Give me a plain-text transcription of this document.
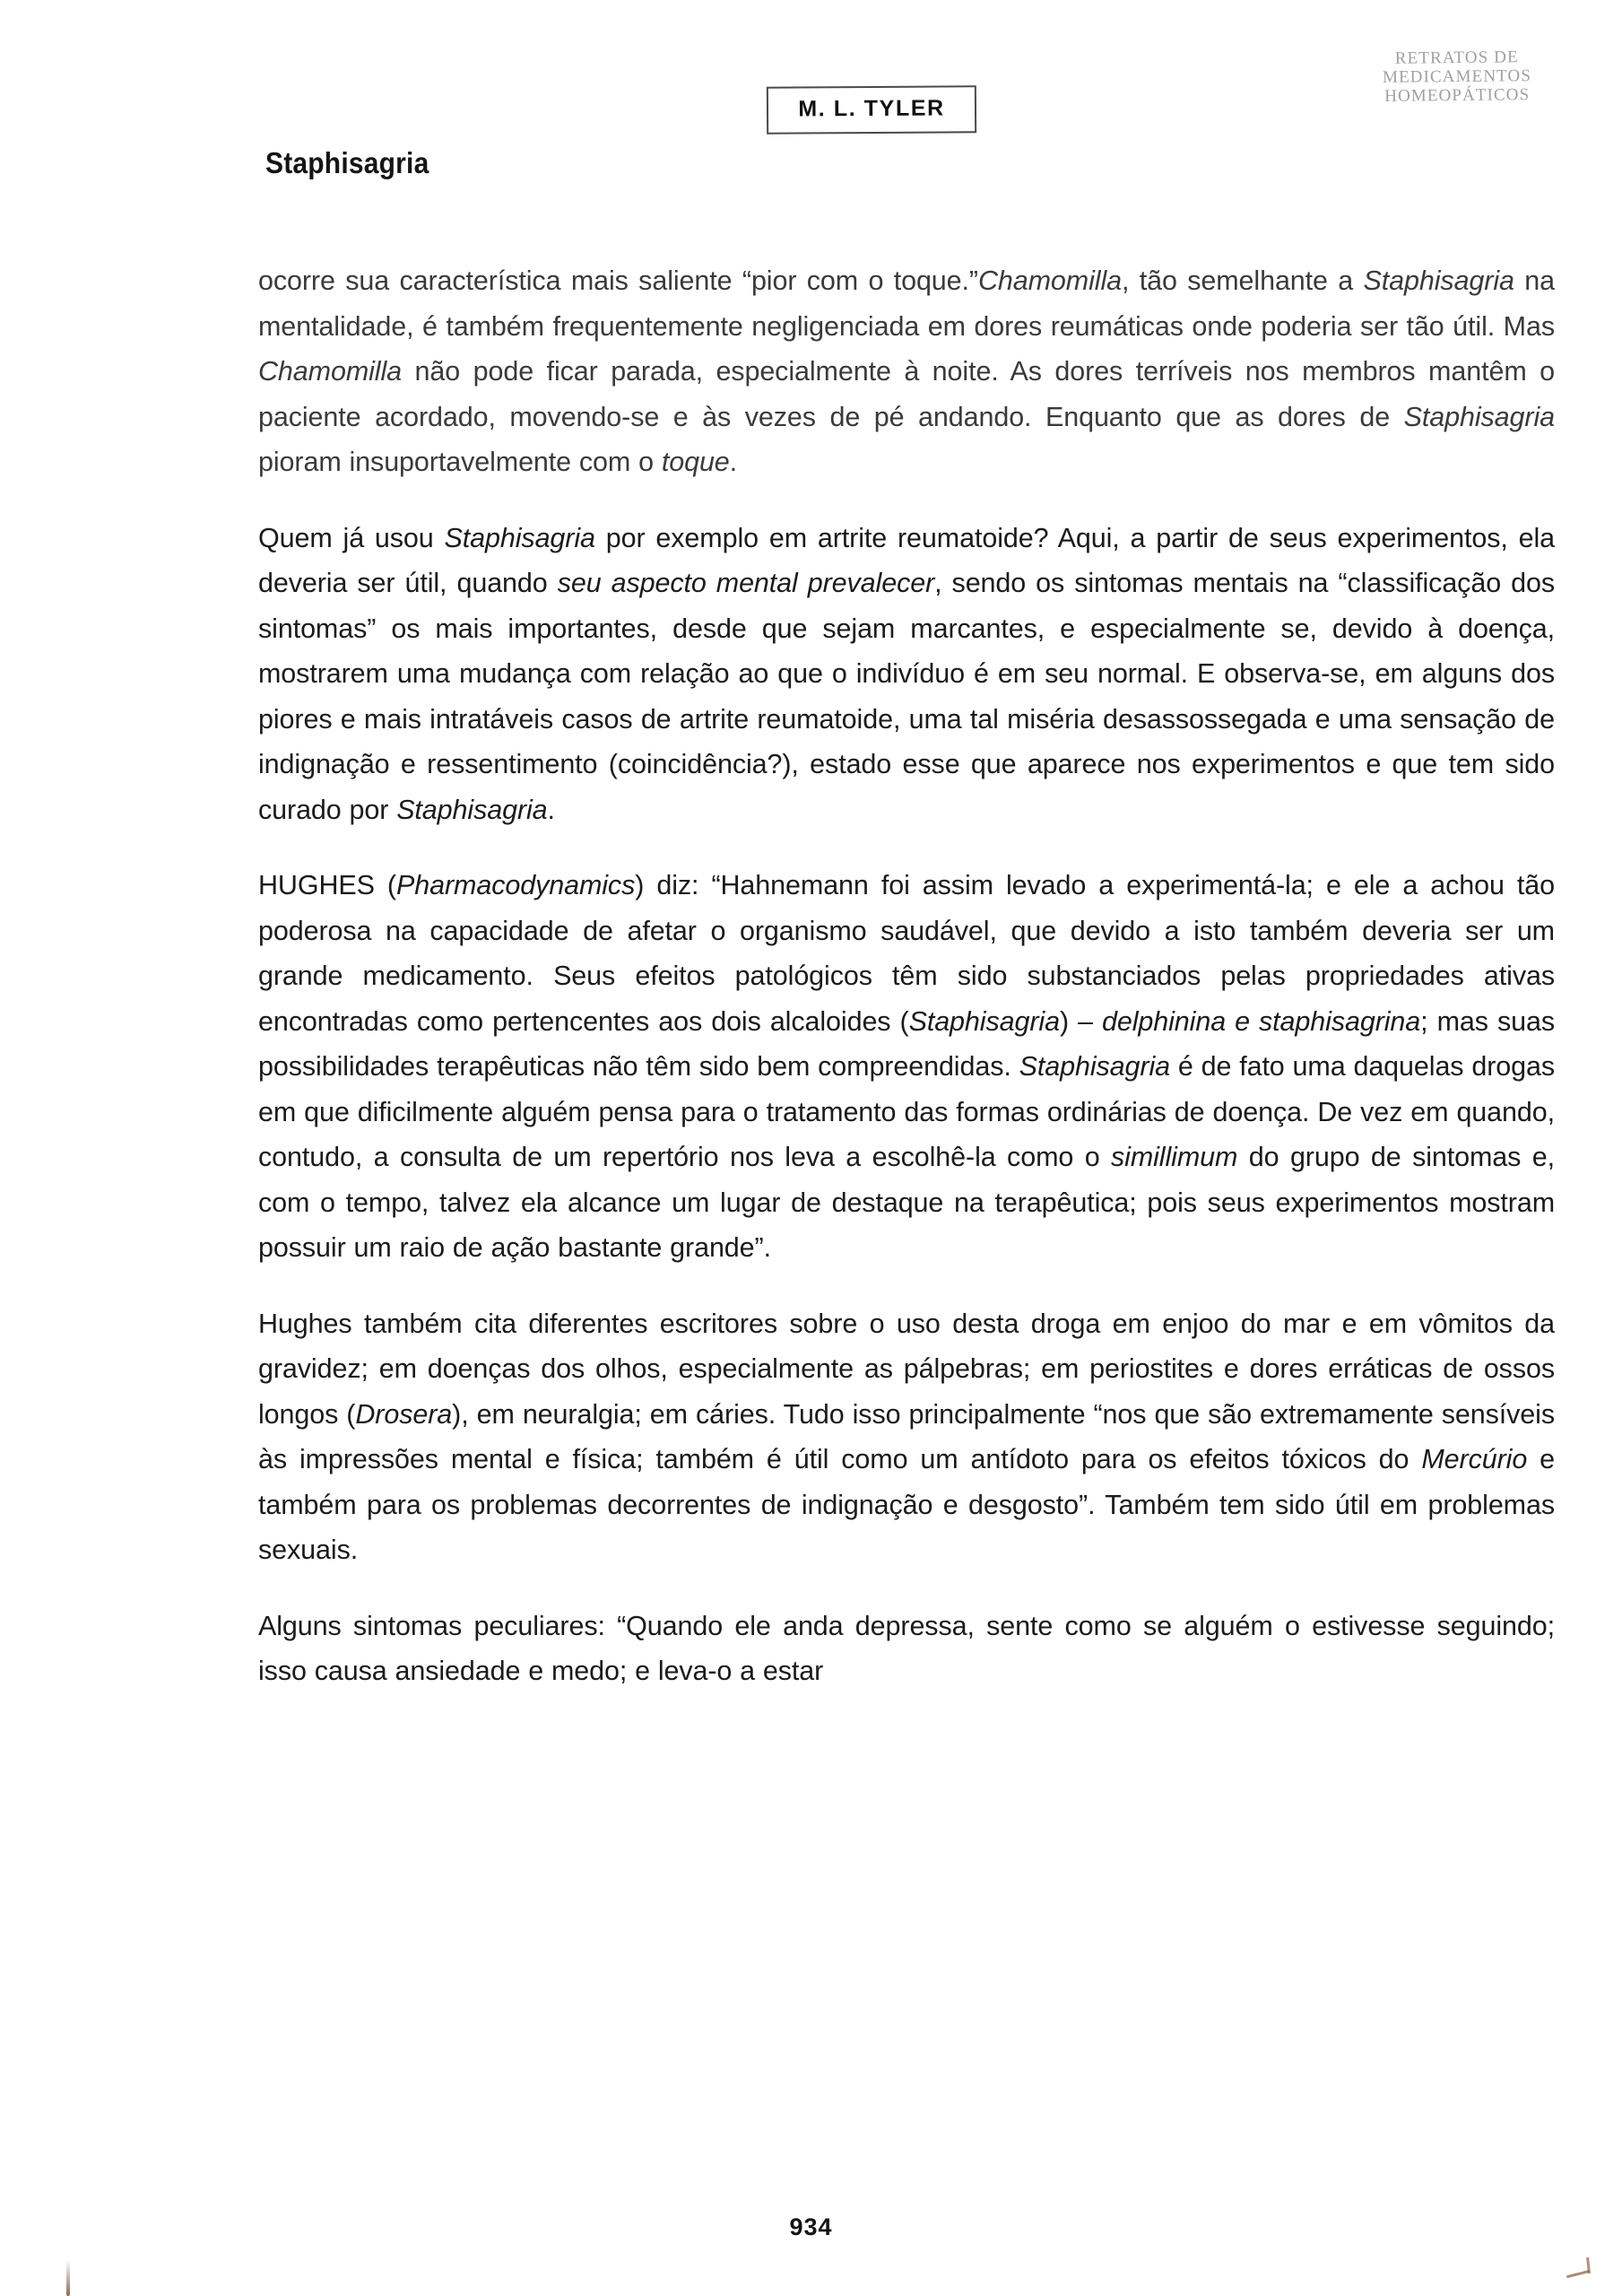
Staphisagria
M. L. TYLER
RETRATOS DE
MEDICAMENTOS
HOMEOPÁTICOS

ocorre sua característica mais saliente “pior com o toque.”Chamomilla, tão semelhante a Staphisagria na mentalidade, é também frequentemente negligenciada em dores reumáticas onde poderia ser tão útil. Mas Chamomilla não pode ficar parada, especialmente à noite. As dores terríveis nos membros mantêm o paciente acordado, movendo-se e às vezes de pé andando. Enquanto que as dores de Staphisagria pioram insuportavelmente com o toque.

Quem já usou Staphisagria por exemplo em artrite reumatoide? Aqui, a partir de seus experimentos, ela deveria ser útil, quando seu aspecto mental prevalecer, sendo os sintomas mentais na “classificação dos sintomas” os mais importantes, desde que sejam marcantes, e especialmente se, devido à doença, mostrarem uma mudança com relação ao que o indivíduo é em seu normal. E observa-se, em alguns dos piores e mais intratáveis casos de artrite reumatoide, uma tal miséria desassossegada e uma sensação de indignação e ressentimento (coincidência?), estado esse que aparece nos experimentos e que tem sido curado por Staphisagria.

HUGHES (Pharmacodynamics) diz: “Hahnemann foi assim levado a experimentá-la; e ele a achou tão poderosa na capacidade de afetar o organismo saudável, que devido a isto também deveria ser um grande medicamento. Seus efeitos patológicos têm sido substanciados pelas propriedades ativas encontradas como pertencentes aos dois alcaloides (Staphisagria) – delphinina e staphisagrina; mas suas possibilidades terapêuticas não têm sido bem compreendidas. Staphisagria é de fato uma daquelas drogas em que dificilmente alguém pensa para o tratamento das formas ordinárias de doença. De vez em quando, contudo, a consulta de um repertório nos leva a escolhê-la como o simillimum do grupo de sintomas e, com o tempo, talvez ela alcance um lugar de destaque na terapêutica; pois seus experimentos mostram possuir um raio de ação bastante grande”.

Hughes também cita diferentes escritores sobre o uso desta droga em enjoo do mar e em vômitos da gravidez; em doenças dos olhos, especialmente as pálpebras; em periostites e dores erráticas de ossos longos (Drosera), em neuralgia; em cáries. Tudo isso principalmente “nos que são extremamente sensíveis às impressões mental e física; também é útil como um antídoto para os efeitos tóxicos do Mercúrio e também para os problemas decorrentes de indignação e desgosto”. Também tem sido útil em problemas sexuais.

Alguns sintomas peculiares: “Quando ele anda depressa, sente como se alguém o estivesse seguindo; isso causa ansiedade e medo; e leva-o a estar

934
